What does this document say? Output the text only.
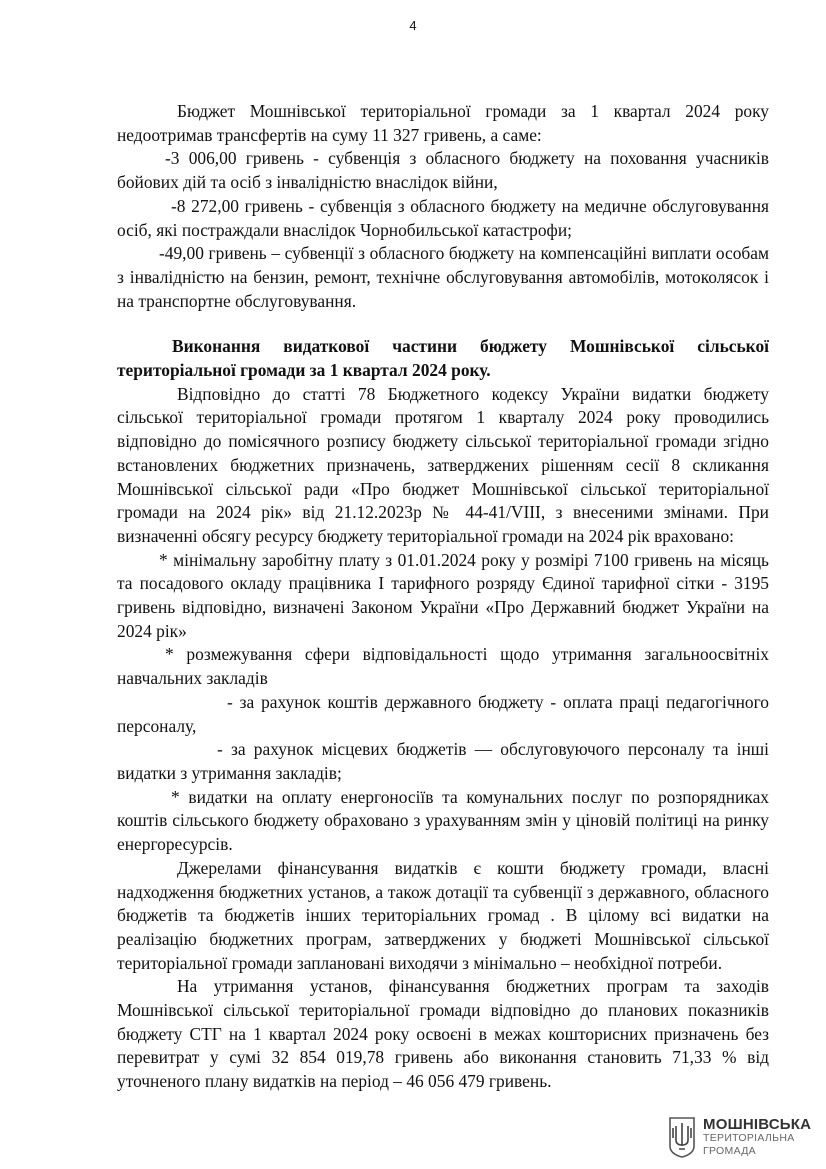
4

Бюджет Мошнівської територіальної громади за 1 квартал 2024 року недоотримав трансфертів на суму 11 327 гривень, а саме:

-3 006,00 гривень - субвенція з обласного бюджету на поховання учасників бойових дій та осіб з інвалідністю внаслідок війни,

-8 272,00 гривень - субвенція з обласного бюджету на медичне обслуговування осіб, які постраждали внаслідок Чорнобильської катастрофи;

-49,00 гривень – субвенції з обласного бюджету на компенсаційні виплати особам з інвалідністю на бензин, ремонт, технічне обслуговування автомобілів, мотоколясок і на транспортне обслуговування.

Виконання видаткової частини бюджету Мошнівської сільської територіальної громади за 1 квартал 2024 року.

Відповідно до статті 78 Бюджетного кодексу України видатки бюджету сільської територіальної громади протягом 1 кварталу 2024 року проводились відповідно до помісячного розпису бюджету сільської територіальної громади згідно встановлених бюджетних призначень, затверджених рішенням сесії 8 скликання Мошнівської сільської ради «Про бюджет Мошнівської сільської територіальної громади на 2024 рік» від 21.12.2023р № 44-41/VIII, з внесеними змінами. При визначенні обсягу ресурсу бюджету територіальної громади на 2024 рік враховано:

* мінімальну заробітну плату з 01.01.2024 року у розмірі 7100 гривень на місяць та посадового окладу працівника І тарифного розряду Єдиної тарифної сітки - 3195 гривень відповідно, визначені Законом України «Про Державний бюджет України на 2024 рік»

* розмежування сфери відповідальності щодо утримання загальноосвітніх навчальних закладів

- за рахунок коштів державного бюджету - оплата праці педагогічного персоналу,

- за рахунок місцевих бюджетів — обслуговуючого персоналу та інші видатки з утримання закладів;

* видатки на оплату енергоносіїв та комунальних послуг по розпорядниках коштів сільського бюджету обраховано з урахуванням змін у ціновій політиці на ринку енергоресурсів.

Джерелами фінансування видатків є кошти бюджету громади, власні надходження бюджетних установ, а також дотації та субвенції з державного, обласного бюджетів та бюджетів інших територіальних громад . В цілому всі видатки на реалізацію бюджетних програм, затверджених у бюджеті Мошнівської сільської територіальної громади заплановані виходячи з мінімально – необхідної потреби.

На утримання установ, фінансування бюджетних програм та заходів Мошнівської сільської територіальної громади відповідно до планових показників бюджету СТГ на 1 квартал 2024 року освоєні в межах кошторисних призначень без перевитрат у сумі 32 854 019,78 гривень або виконання становить 71,33 % від уточненого плану видатків на період – 46 056 479 гривень.

МОШНІВСЬКА
ТЕРИТОРІАЛЬНА
ГРОМАДА
